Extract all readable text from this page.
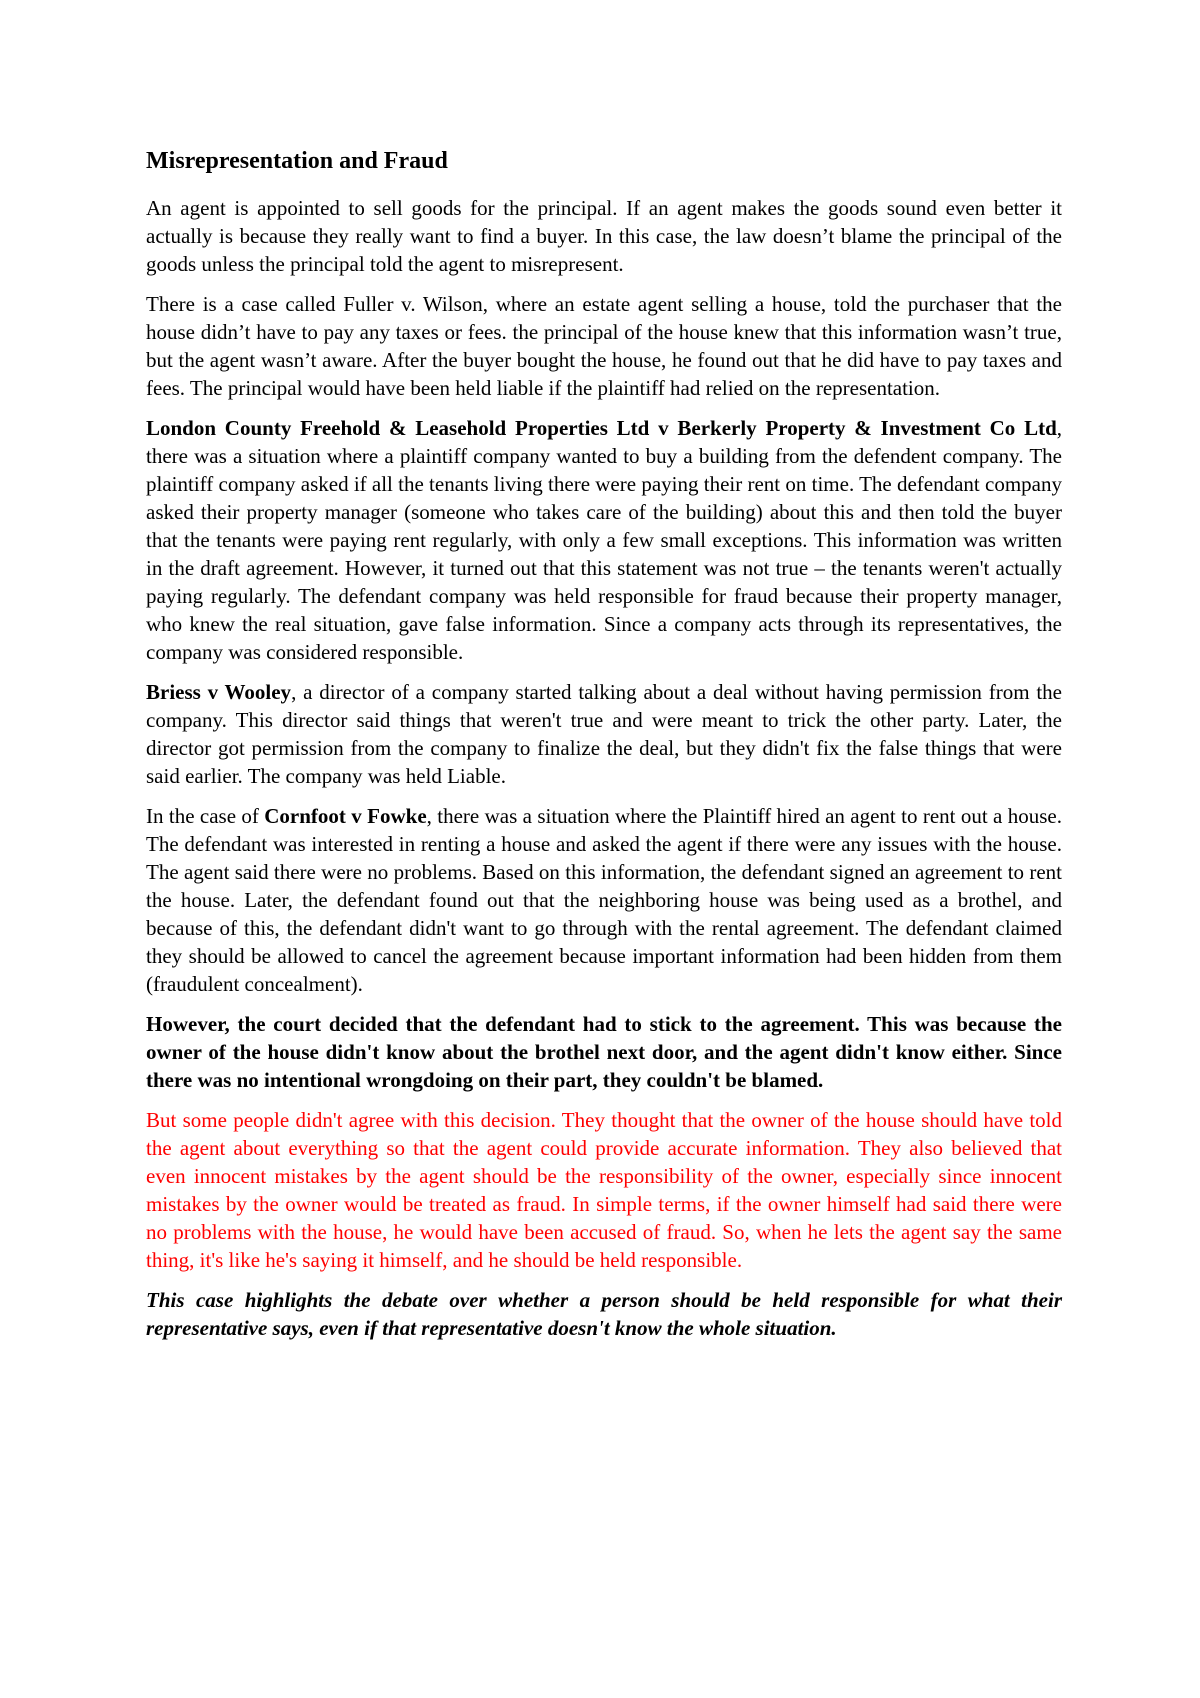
Misrepresentation and Fraud

An agent is appointed to sell goods for the principal. If an agent makes the goods sound even better it actually is because they really want to find a buyer. In this case, the law doesn’t blame the principal of the goods unless the principal told the agent to misrepresent.

There is a case called Fuller v. Wilson, where an estate agent selling a house, told the purchaser that the house didn’t have to pay any taxes or fees. the principal of the house knew that this information wasn’t true, but the agent wasn’t aware. After the buyer bought the house, he found out that he did have to pay taxes and fees. The principal would have been held liable if the plaintiff had relied on the representation.

London County Freehold & Leasehold Properties Ltd v Berkerly Property & Investment Co Ltd, there was a situation where a plaintiff company wanted to buy a building from the defendent company. The plaintiff company asked if all the tenants living there were paying their rent on time. The defendant company asked their property manager (someone who takes care of the building) about this and then told the buyer that the tenants were paying rent regularly, with only a few small exceptions. This information was written in the draft agreement. However, it turned out that this statement was not true – the tenants weren't actually paying regularly. The defendant company was held responsible for fraud because their property manager, who knew the real situation, gave false information. Since a company acts through its representatives, the company was considered responsible.

Briess v Wooley, a director of a company started talking about a deal without having permission from the company. This director said things that weren't true and were meant to trick the other party. Later, the director got permission from the company to finalize the deal, but they didn't fix the false things that were said earlier. The company was held Liable.

In the case of Cornfoot v Fowke, there was a situation where the Plaintiff hired an agent to rent out a house. The defendant was interested in renting a house and asked the agent if there were any issues with the house. The agent said there were no problems. Based on this information, the defendant signed an agreement to rent the house. Later, the defendant found out that the neighboring house was being used as a brothel, and because of this, the defendant didn't want to go through with the rental agreement. The defendant claimed they should be allowed to cancel the agreement because important information had been hidden from them (fraudulent concealment).

However, the court decided that the defendant had to stick to the agreement. This was because the owner of the house didn't know about the brothel next door, and the agent didn't know either. Since there was no intentional wrongdoing on their part, they couldn't be blamed.

But some people didn't agree with this decision. They thought that the owner of the house should have told the agent about everything so that the agent could provide accurate information. They also believed that even innocent mistakes by the agent should be the responsibility of the owner, especially since innocent mistakes by the owner would be treated as fraud. In simple terms, if the owner himself had said there were no problems with the house, he would have been accused of fraud. So, when he lets the agent say the same thing, it's like he's saying it himself, and he should be held responsible.

This case highlights the debate over whether a person should be held responsible for what their representative says, even if that representative doesn't know the whole situation.
